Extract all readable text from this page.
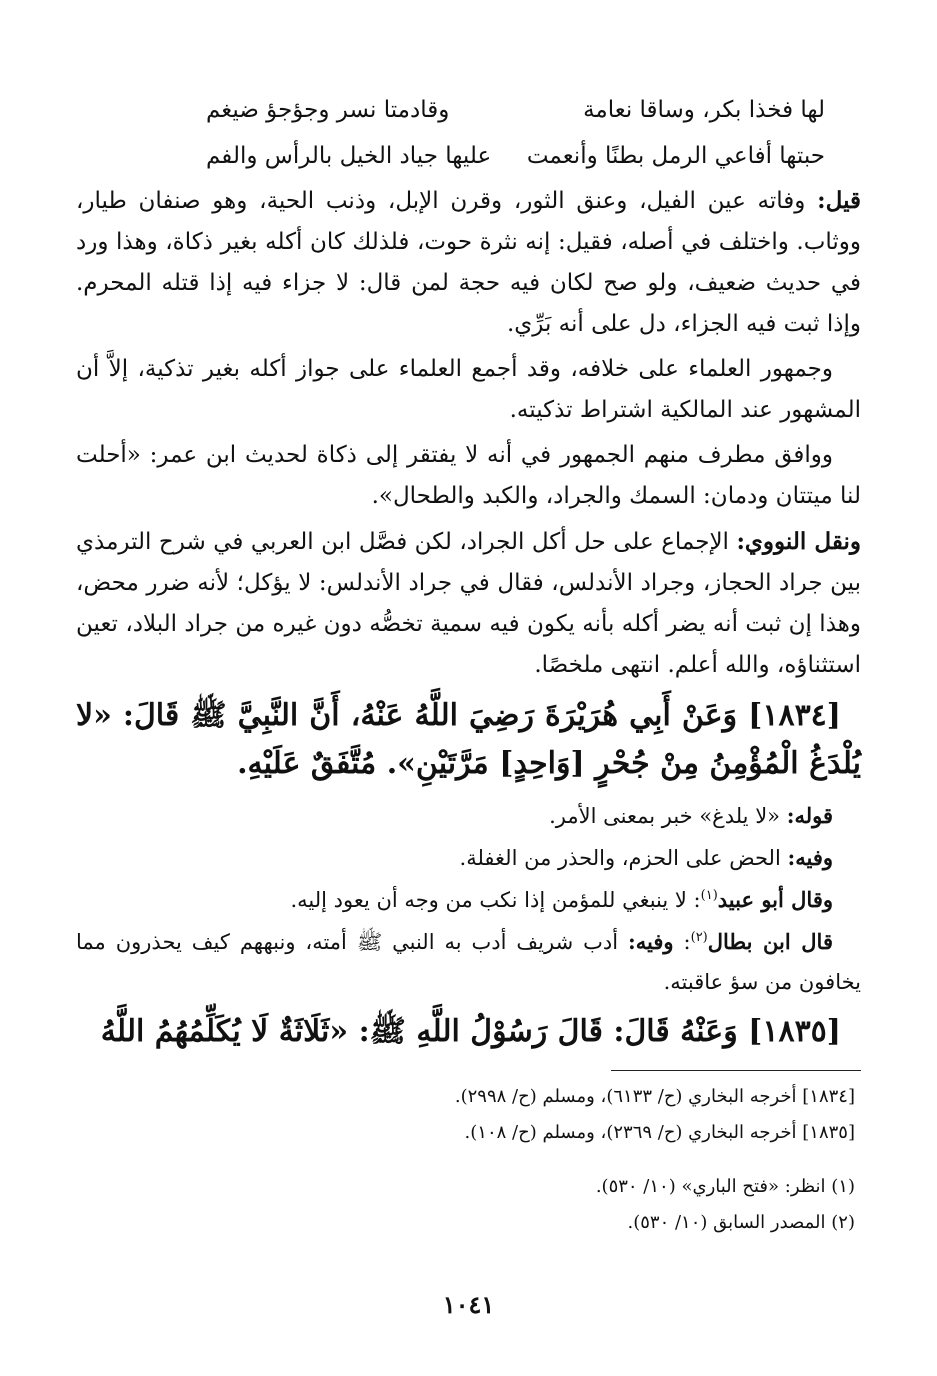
لها فخذا بكر، وساقا نعامة
وقادمتا نسر وجؤجؤ ضيغم
حبتها أفاعي الرمل بطنًا وأنعمت
عليها جياد الخيل بالرأس والفم

قيل: وفاته عين الفيل، وعنق الثور، وقرن الإبل، وذنب الحية، وهو صنفان طيار، ووثاب. واختلف في أصله، فقيل: إنه نثرة حوت، فلذلك كان أكله بغير ذكاة، وهذا ورد في حديث ضعيف، ولو صح لكان فيه حجة لمن قال: لا جزاء فيه إذا قتله المحرم. وإذا ثبت فيه الجزاء، دل على أنه بَرِّي.

وجمهور العلماء على خلافه، وقد أجمع العلماء على جواز أكله بغير تذكية، إلاَّ أن المشهور عند المالكية اشتراط تذكيته.

ووافق مطرف منهم الجمهور في أنه لا يفتقر إلى ذكاة لحديث ابن عمر: «أحلت لنا ميتتان ودمان: السمك والجراد، والكبد والطحال».

ونقل النووي: الإجماع على حل أكل الجراد، لكن فصَّل ابن العربي في شرح الترمذي بين جراد الحجاز، وجراد الأندلس، فقال في جراد الأندلس: لا يؤكل؛ لأنه ضرر محض، وهذا إن ثبت أنه يضر أكله بأنه يكون فيه سمية تخصُّه دون غيره من جراد البلاد، تعين استثناؤه، والله أعلم. انتهى ملخصًا.

[١٨٣٤] وَعَنْ أَبِي هُرَيْرَةَ رَضِيَ اللَّهُ عَنْهُ، أَنَّ النَّبِيَّ ﷺ قَالَ: «لا يُلْدَغُ الْمُؤْمِنُ مِنْ جُحْرٍ [وَاحِدٍ] مَرَّتَيْنِ». مُتَّفَقٌ عَلَيْهِ.

قوله: «لا يلدغ» خبر بمعنى الأمر.

وفيه: الحض على الحزم، والحذر من الغفلة.

وقال أبو عبيد$^{(١)}$: لا ينبغي للمؤمن إذا نكب من وجه أن يعود إليه.

قال ابن بطال$^{(٢)}$: وفيه: أدب شريف أدب به النبي ﷺ أمته، ونبههم كيف يحذرون مما يخافون من سؤ عاقبته.

[١٨٣٥] وَعَنْهُ قَالَ: قَالَ رَسُوْلُ اللَّهِ ﷺ: «ثَلَاثَةٌ لَا يُكَلِّمُهُمُ اللَّهُ

[١٨٣٤] أخرجه البخاري (ح/ ٦١٣٣)، ومسلم (ح/ ٢٩٩٨).

[١٨٣٥] أخرجه البخاري (ح/ ٢٣٦٩)، ومسلم (ح/ ١٠٨).

(١) انظر: «فتح الباري» (١٠/ ٥٣٠).

(٢) المصدر السابق (١٠/ ٥٣٠).

١٠٤١
